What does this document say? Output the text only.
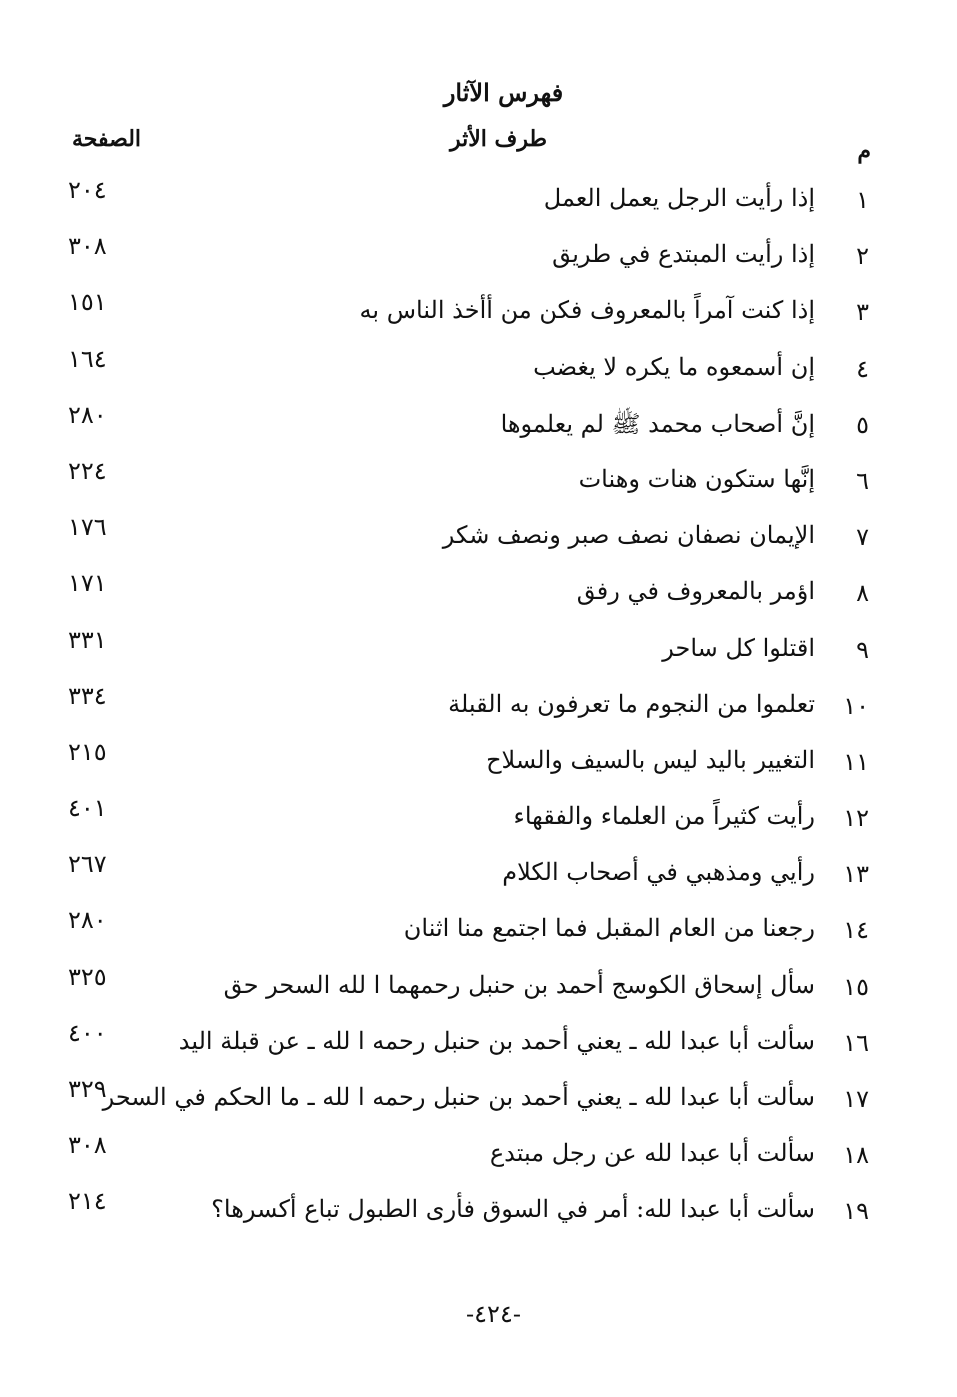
فهرس الآثار
م
طرف الأثر
الصفحة
١
إذا رأيت الرجل يعمل العمل
٢٠٤
٢
إذا رأيت المبتدع في طريق
٣٠٨
٣
إذا كنت آمراً بالمعروف فكن من أأخذ الناس به
١٥١
٤
إن أسمعوه ما يكره لا يغضب
١٦٤
٥
إنَّ أصحاب محمد ﷺ لم يعلموها
٢٨٠
٦
إنَّها ستكون هنات وهنات
٢٢٤
٧
الإيمان نصفان نصف صبر ونصف شكر
١٧٦
٨
اؤمر بالمعروف في رفق
١٧١
٩
اقتلوا كل ساحر
٣٣١
١٠
تعلموا من النجوم ما تعرفون به القبلة
٣٣٤
١١
التغيير باليد ليس بالسيف والسلاح
٢١٥
١٢
رأيت كثيراً من العلماء والفقهاء
٤٠١
١٣
رأيي ومذهبي في أصحاب الكلام
٢٦٧
١٤
رجعنا من العام المقبل فما اجتمع منا اثنان
٢٨٠
١٥
سأل إسحاق الكوسج أحمد بن حنبل رحمهما ا لله السحر حق
٣٢٥
١٦
سألت أبا عبدا لله ـ يعني أحمد بن حنبل رحمه ا لله ـ عن قبلة اليد
٤٠٠
١٧
سألت أبا عبدا لله ـ يعني أحمد بن حنبل رحمه ا لله ـ ما الحكم في السحر
٣٢٩
١٨
سألت أبا عبدا لله عن رجل مبتدع
٣٠٨
١٩
سألت أبا عبدا لله: أمر في السوق فأرى الطبول تباع أكسرها؟
٢١٤
-٤٢٤-
